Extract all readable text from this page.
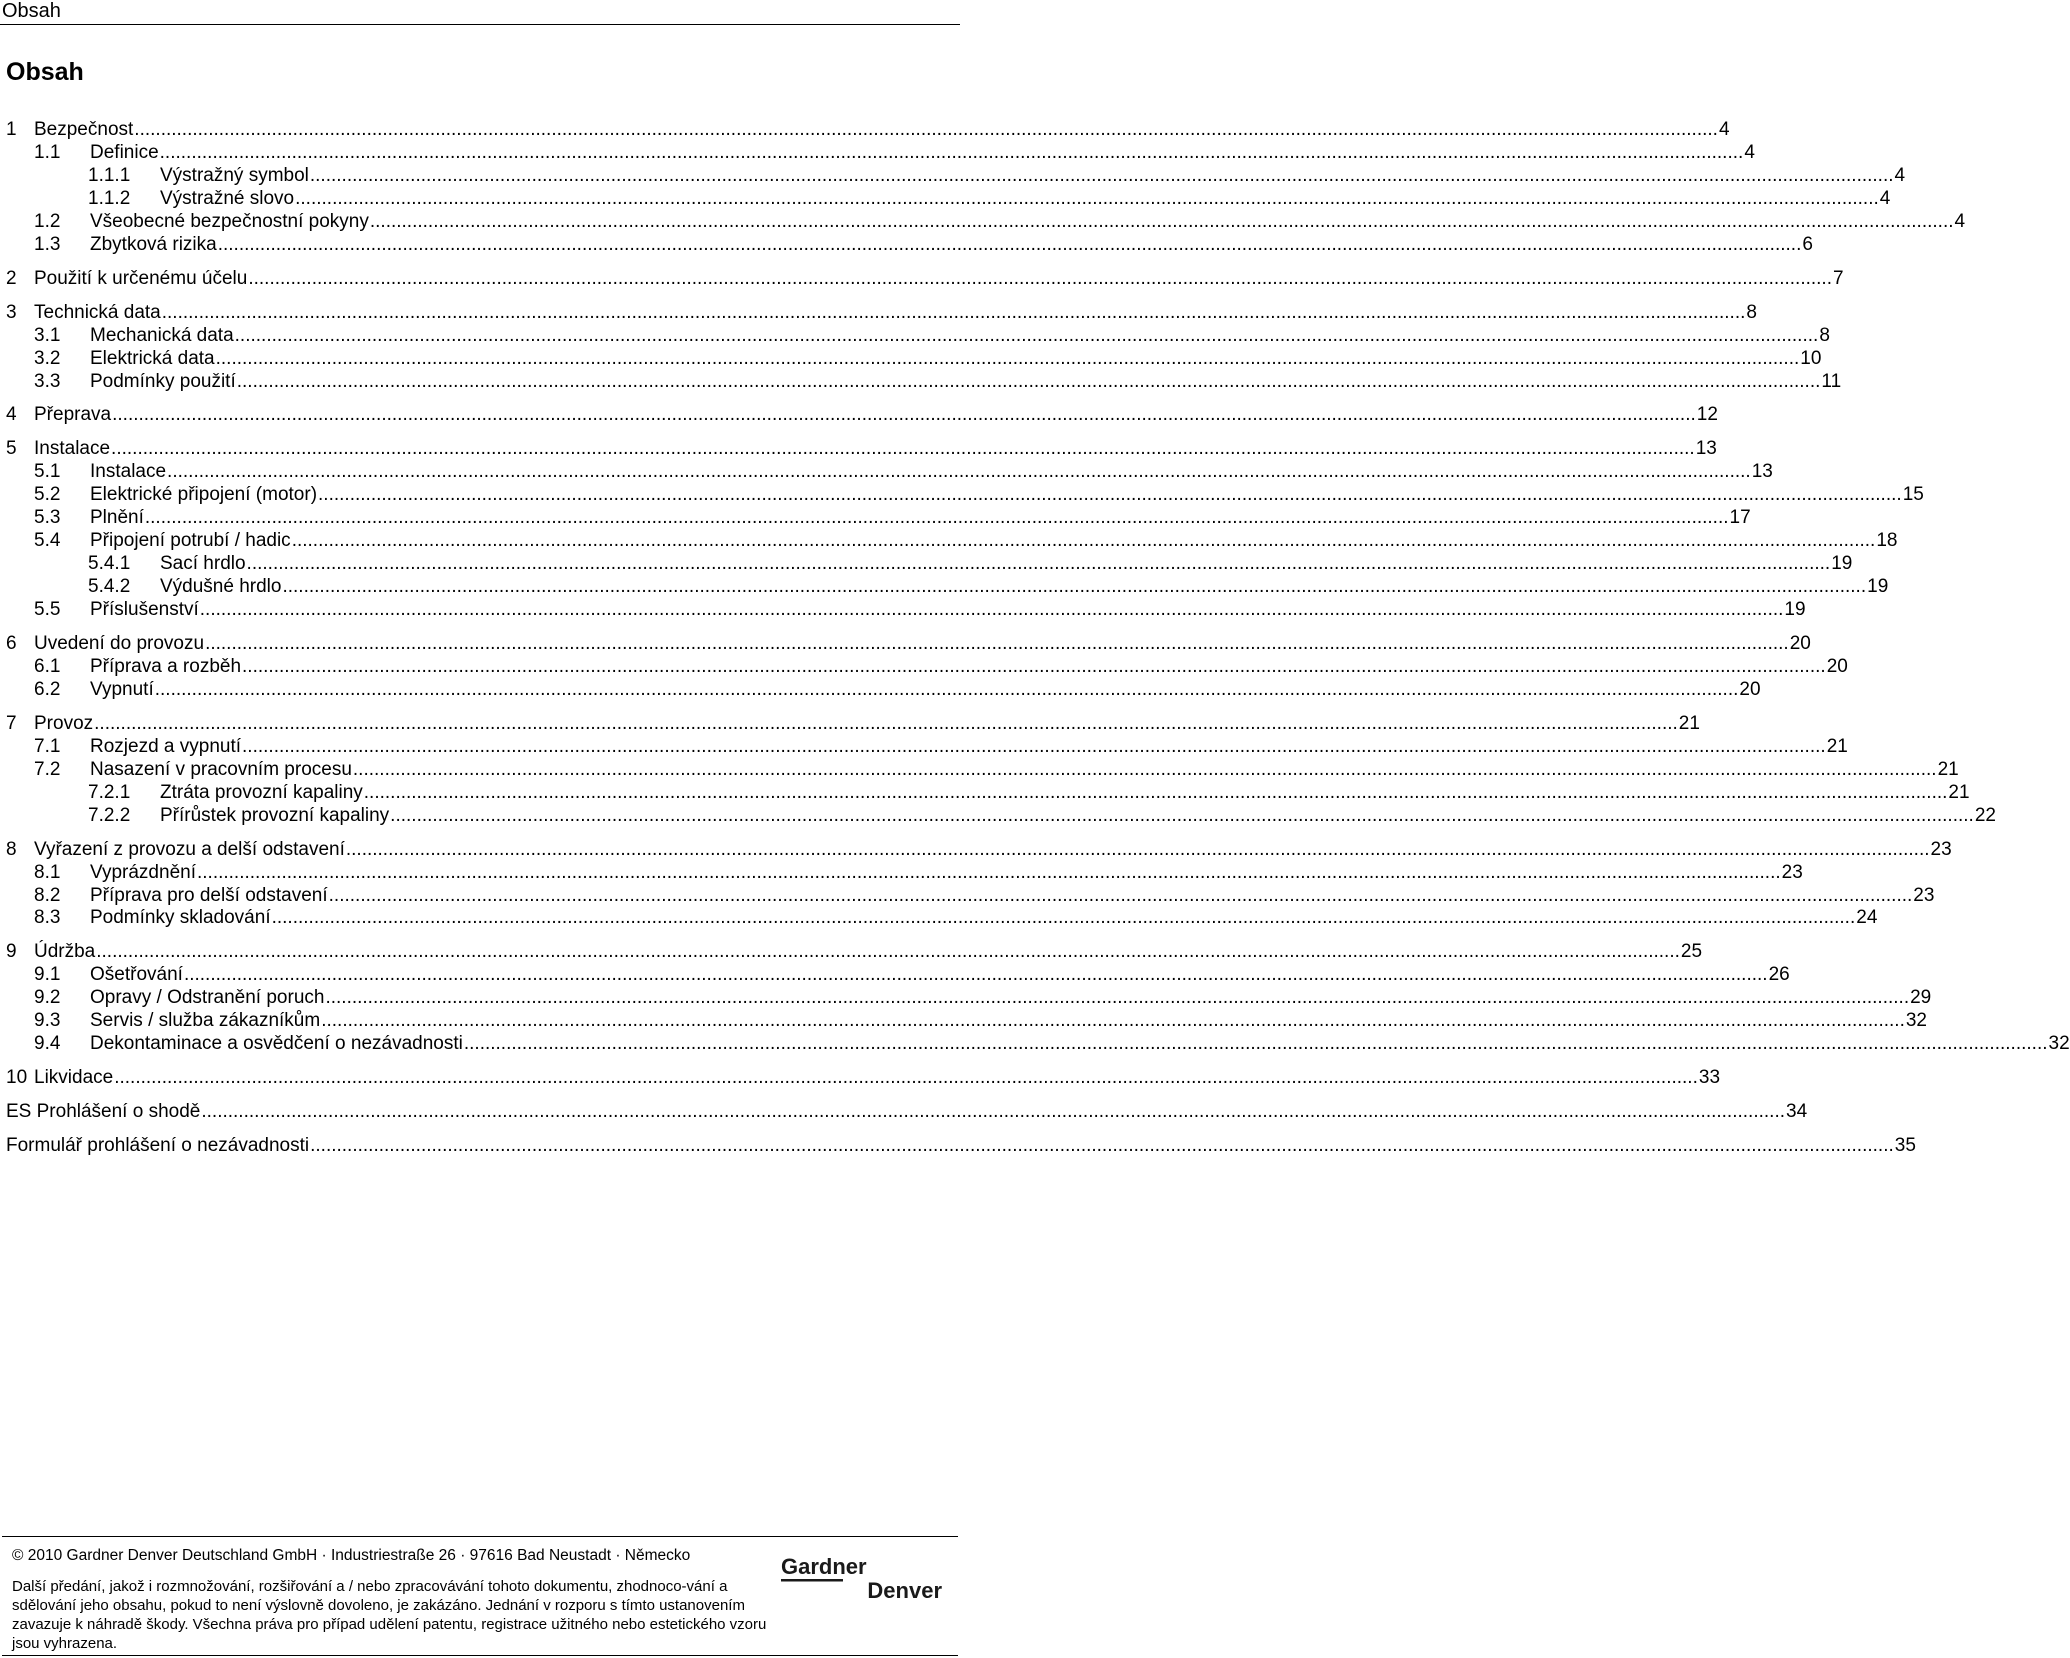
Obsah
Obsah
1 Bezpečnost ............................................................................................................................................................................................................................................................................................................ 4
1.1 Definice ............................................................................................................................................................................................................................................................................................................ 4
1.1.1 Výstražný symbol ............................................................................................................................................................................................................................................................................................................ 4
1.1.2 Výstražné slovo ............................................................................................................................................................................................................................................................................................................ 4
1.2 Všeobecné bezpečnostní pokyny ............................................................................................................................................................................................................................................................................................................ 4
1.3 Zbytková rizika ............................................................................................................................................................................................................................................................................................................ 6
2 Použití k určenému účelu ............................................................................................................................................................................................................................................................................................................ 7
3 Technická data ............................................................................................................................................................................................................................................................................................................ 8
3.1 Mechanická data ............................................................................................................................................................................................................................................................................................................ 8
3.2 Elektrická data ............................................................................................................................................................................................................................................................................................................ 10
3.3 Podmínky použití ............................................................................................................................................................................................................................................................................................................ 11
4 Přeprava ............................................................................................................................................................................................................................................................................................................ 12
5 Instalace ............................................................................................................................................................................................................................................................................................................ 13
5.1 Instalace ............................................................................................................................................................................................................................................................................................................ 13
5.2 Elektrické připojení (motor) ............................................................................................................................................................................................................................................................................................................ 15
5.3 Plnění ............................................................................................................................................................................................................................................................................................................ 17
5.4 Připojení potrubí / hadic ............................................................................................................................................................................................................................................................................................................ 18
5.4.1 Sací hrdlo ............................................................................................................................................................................................................................................................................................................ 19
5.4.2 Výdušné hrdlo ............................................................................................................................................................................................................................................................................................................ 19
5.5 Příslušenství ............................................................................................................................................................................................................................................................................................................ 19
6 Uvedení do provozu ............................................................................................................................................................................................................................................................................................................ 20
6.1 Příprava a rozběh ............................................................................................................................................................................................................................................................................................................ 20
6.2 Vypnutí ............................................................................................................................................................................................................................................................................................................ 20
7 Provoz ............................................................................................................................................................................................................................................................................................................ 21
7.1 Rozjezd a vypnutí ............................................................................................................................................................................................................................................................................................................ 21
7.2 Nasazení v pracovním procesu ............................................................................................................................................................................................................................................................................................................ 21
7.2.1 Ztráta provozní kapaliny ............................................................................................................................................................................................................................................................................................................ 21
7.2.2 Přírůstek provozní kapaliny ............................................................................................................................................................................................................................................................................................................ 22
8 Vyřazení z provozu a delší odstavení ............................................................................................................................................................................................................................................................................................................ 23
8.1 Vyprázdnění ............................................................................................................................................................................................................................................................................................................ 23
8.2 Příprava pro delší odstavení ............................................................................................................................................................................................................................................................................................................ 23
8.3 Podmínky skladování ............................................................................................................................................................................................................................................................................................................ 24
9 Údržba ............................................................................................................................................................................................................................................................................................................ 25
9.1 Ošetřování ............................................................................................................................................................................................................................................................................................................ 26
9.2 Opravy / Odstranění poruch ............................................................................................................................................................................................................................................................................................................ 29
9.3 Servis / služba zákazníkům ............................................................................................................................................................................................................................................................................................................ 32
9.4 Dekontaminace a osvědčení o nezávadnosti ............................................................................................................................................................................................................................................................................................................ 32
10 Likvidace ............................................................................................................................................................................................................................................................................................................ 33
ES Prohlášení o shodě ............................................................................................................................................................................................................................................................................................................ 34
Formulář prohlášení o nezávadnosti ............................................................................................................................................................................................................................................................................................................ 35
© 2010 Gardner Denver Deutschland GmbH · Industriestraße 26 · 97616 Bad Neustadt · Německo
Další předání, jakož i rozmnožování, rozšiřování a / nebo zpracovávání tohoto dokumentu, zhodnoco-vání a sdělování jeho obsahu, pokud to není výslovně dovoleno, je zakázáno. Jednání v rozporu s tímto ustanovením zavazuje k náhradě škody. Všechna práva pro případ udělení patentu, registrace užitného nebo estetického vzoru jsou vyhrazena.
Gardner
Denver
